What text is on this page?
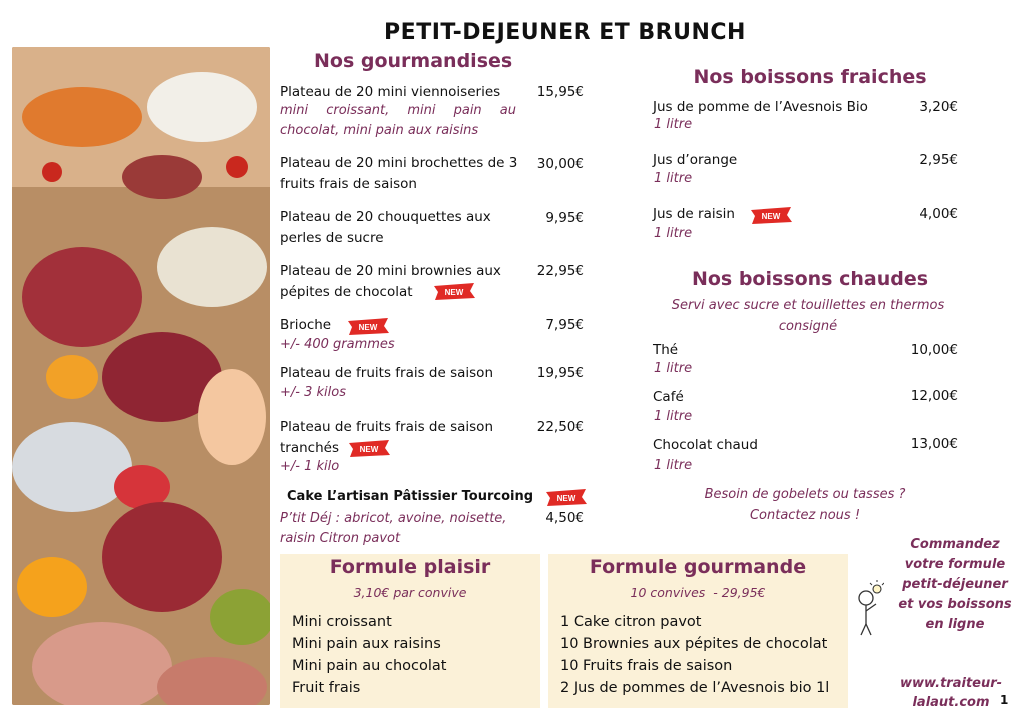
PETIT-DEJEUNER ET BRUNCH
Nos gourmandises
Plateau de 20 mini viennoiseries	15,95€
mini croissant, mini pain au chocolat, mini pain aux raisins
Plateau de 20 mini brochettes de 3 fruits frais de saison
30,00€
Plateau de 20 chouquettes aux perles de sucre
9,95€
Plateau de 20 mini brownies aux pépites de chocolat
22,95€
NEW
Brioche	NEW	7,95€
+/- 400 grammes
Plateau de fruits frais de saison	19,95€
+/- 3 kilos
Plateau de fruits frais de saison tranchés	NEW
22,50€
+/- 1 kilo
Cake L’artisan Pâtissier Tourcoing	NEW
P’tit Déj : abricot, avoine, noisette, raisin Citron pavot
4,50€
Nos boissons fraiches
Jus de pomme de l’Avesnois Bio	3,20€
1 litre
Jus d’orange	2,95€
1 litre
Jus de raisin	NEW	4,00€
1 litre
Nos boissons chaudes
Servi avec sucre et touillettes en thermos consigné
Thé	10,00€
1 litre
Café	12,00€
1 litre
Chocolat chaud	13,00€
1 litre
Besoin de gobelets ou tasses ? Contactez nous !
Formule plaisir
3,10€ par convive
Mini croissant
Mini pain aux raisins
Mini pain au chocolat
Fruit frais
Formule gourmande
10 convives  - 29,95€
1 Cake citron pavot
10 Brownies aux pépites de chocolat
10 Fruits frais de saison
2 Jus de pommes de l’Avesnois bio 1l
Commandez votre formule petit-déjeuner et vos boissons en ligne
www.traiteur-lalaut.com 1
